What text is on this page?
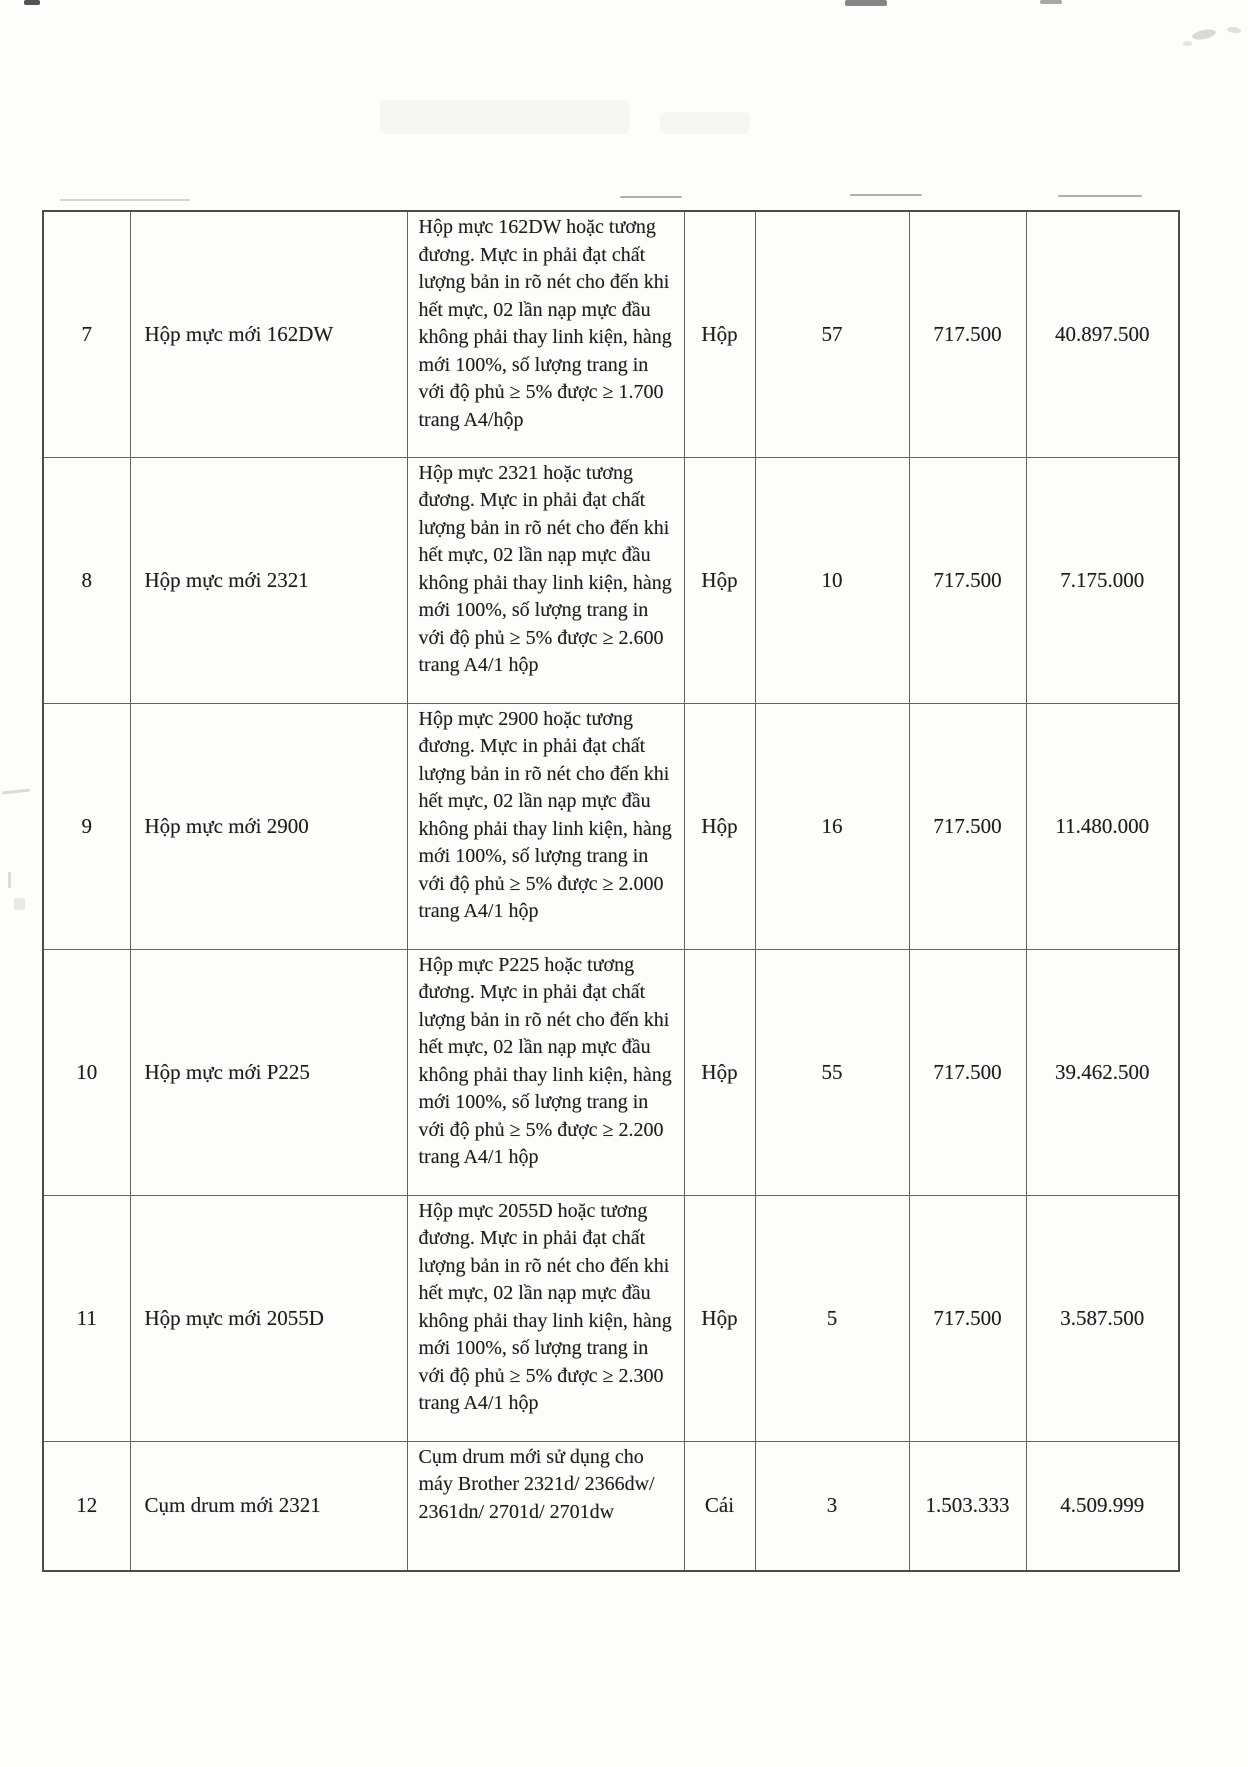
7	Hộp mực mới 162DW	Hộp mực 162DW hoặc tương đương. Mực in phải đạt chất lượng bản in rõ nét cho đến khi hết mực, 02 lần nạp mực đầu không phải thay linh kiện, hàng mới 100%, số lượng trang in với độ phủ ≥ 5% được ≥ 1.700 trang A4/hộp	Hộp	57	717.500	40.897.500
8	Hộp mực mới 2321	Hộp mực 2321 hoặc tương đương. Mực in phải đạt chất lượng bản in rõ nét cho đến khi hết mực, 02 lần nạp mực đầu không phải thay linh kiện, hàng mới 100%, số lượng trang in với độ phủ ≥ 5% được ≥ 2.600 trang A4/1 hộp	Hộp	10	717.500	7.175.000
9	Hộp mực mới 2900	Hộp mực 2900 hoặc tương đương. Mực in phải đạt chất lượng bản in rõ nét cho đến khi hết mực, 02 lần nạp mực đầu không phải thay linh kiện, hàng mới 100%, số lượng trang in với độ phủ ≥ 5% được ≥ 2.000 trang A4/1 hộp	Hộp	16	717.500	11.480.000
10	Hộp mực mới P225	Hộp mực P225 hoặc tương đương. Mực in phải đạt chất lượng bản in rõ nét cho đến khi hết mực, 02 lần nạp mực đầu không phải thay linh kiện, hàng mới 100%, số lượng trang in với độ phủ ≥ 5% được ≥ 2.200 trang A4/1 hộp	Hộp	55	717.500	39.462.500
11	Hộp mực mới 2055D	Hộp mực 2055D hoặc tương đương. Mực in phải đạt chất lượng bản in rõ nét cho đến khi hết mực, 02 lần nạp mực đầu không phải thay linh kiện, hàng mới 100%, số lượng trang in với độ phủ ≥ 5% được ≥ 2.300 trang A4/1 hộp	Hộp	5	717.500	3.587.500
12	Cụm drum mới 2321	Cụm drum mới sử dụng cho máy Brother 2321d/ 2366dw/ 2361dn/ 2701d/ 2701dw	Cái	3	1.503.333	4.509.999
